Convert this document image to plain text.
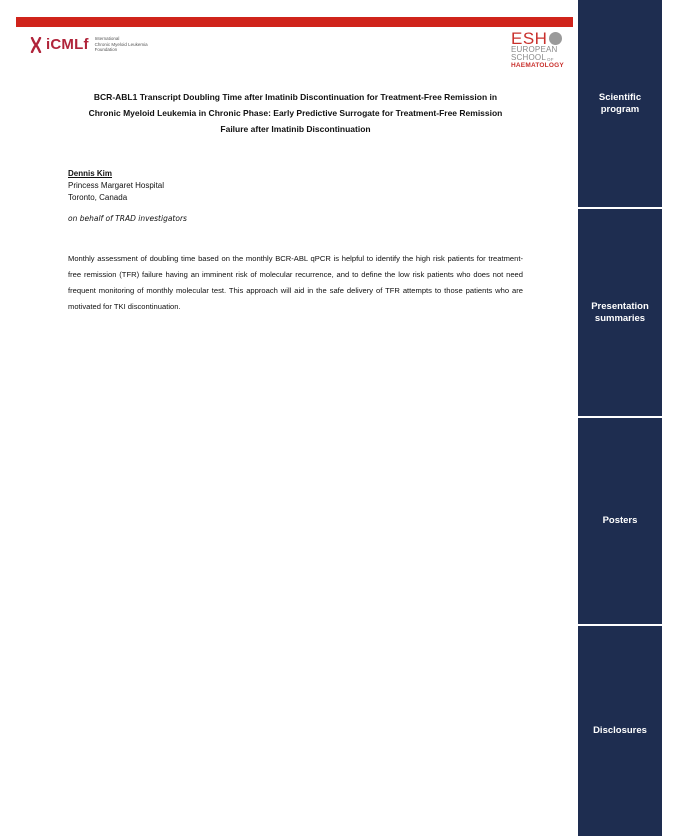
iCMLf International
Chronic Myeloid Leukemia
Foundation
ESH
EUROPEAN
SCHOOL OF
HAEMATOLOGY
BCR-ABL1 Transcript Doubling Time after Imatinib Discontinuation for Treatment-Free Remission in
Chronic Myeloid Leukemia in Chronic Phase: Early Predictive Surrogate for Treatment-Free Remission
Failure after Imatinib Discontinuation
Dennis Kim
Princess Margaret Hospital
Toronto, Canada
on behalf of TRAD investigators
Monthly assessment of doubling time based on the monthly BCR-ABL qPCR is helpful to identify the high risk patients for treatment-free remission (TFR) failure having an imminent risk of molecular recurrence, and to define the low risk patients who does not need frequent monitoring of monthly molecular test. This approach will aid in the safe delivery of TFR attempts to those patients who are motivated for TKI discontinuation.
Scientific program
Presentation summaries
Posters
Disclosures
